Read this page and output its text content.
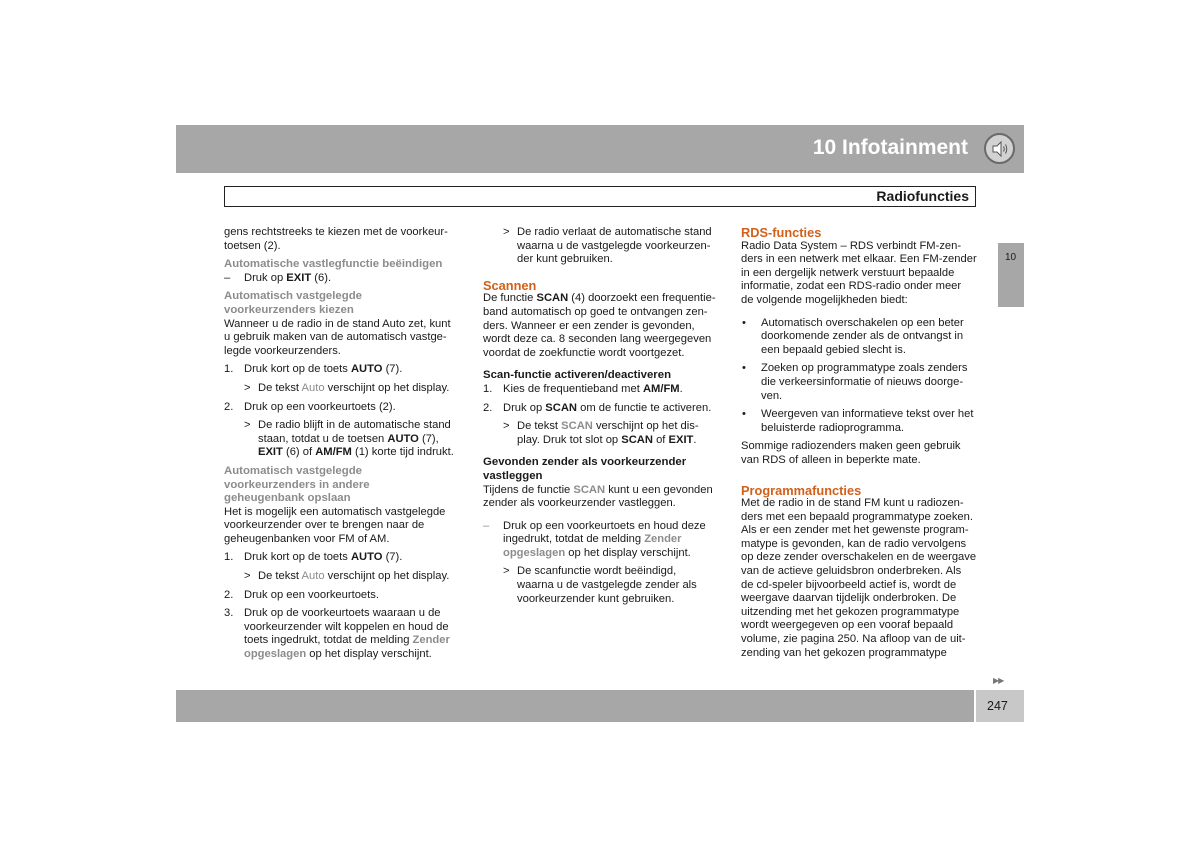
10 Infotainment
Radiofuncties
10

gens rechtstreeks te kiezen met de voorkeur-

toetsen (2).

Automatische vastlegfunctie beëindigen

– Druk op EXIT (6).

Automatisch vastgelegde

voorkeurzenders kiezen

Wanneer u de radio in de stand Auto zet, kunt

u gebruik maken van de automatisch vastge-

legde voorkeurzenders.

1. Druk kort op de toets AUTO (7).
> De tekst Auto verschijnt op het display.
2. Druk op een voorkeurtoets (2).
> De radio blijft in de automatische stand
staan, totdat u de toetsen AUTO (7),
EXIT (6) of AM/FM (1) korte tijd indrukt.

Automatisch vastgelegde

voorkeurzenders in andere

geheugenbank opslaan

Het is mogelijk een automatisch vastgelegde

voorkeurzender over te brengen naar de

geheugenbanken voor FM of AM.

1. Druk kort op de toets AUTO (7).
> De tekst Auto verschijnt op het display.
2. Druk op een voorkeurtoets.
3. Druk op de voorkeurtoets waaraan u de
voorkeurzender wilt koppelen en houd de
toets ingedrukt, totdat de melding Zender
opgeslagen op het display verschijnt.
> De radio verlaat de automatische stand
waarna u de vastgelegde voorkeurzen-
der kunt gebruiken.

Scannen

De functie SCAN (4) doorzoekt een frequentie-

band automatisch op goed te ontvangen zen-

ders. Wanneer er een zender is gevonden,

wordt deze ca. 8 seconden lang weergegeven

voordat de zoekfunctie wordt voortgezet.

Scan-functie activeren/deactiveren

1. Kies de frequentieband met AM/FM.
2. Druk op SCAN om de functie te activeren.
> De tekst SCAN verschijnt op het dis-
play. Druk tot slot op SCAN of EXIT.

Gevonden zender als voorkeurzender

vastleggen

Tijdens de functie SCAN kunt u een gevonden

zender als voorkeurzender vastleggen.

– Druk op een voorkeurtoets en houd deze
ingedrukt, totdat de melding Zender
opgeslagen op het display verschijnt.
> De scanfunctie wordt beëindigd,
waarna u de vastgelegde zender als
voorkeurzender kunt gebruiken.

RDS-functies

Radio Data System – RDS verbindt FM-zen-

ders in een netwerk met elkaar. Een FM-zender

in een dergelijk netwerk verstuurt bepaalde

informatie, zodat een RDS-radio onder meer

de volgende mogelijkheden biedt:

• Automatisch overschakelen op een beter
doorkomende zender als de ontvangst in
een bepaald gebied slecht is.
• Zoeken op programmatype zoals zenders
die verkeersinformatie of nieuws doorge-
ven.
• Weergeven van informatieve tekst over het
beluisterde radioprogramma.

Sommige radiozenders maken geen gebruik

van RDS of alleen in beperkte mate.

Programmafuncties

Met de radio in de stand FM kunt u radiozen-

ders met een bepaald programmatype zoeken.

Als er een zender met het gewenste program-

matype is gevonden, kan de radio vervolgens

op deze zender overschakelen en de weergave

van de actieve geluidsbron onderbreken. Als

de cd-speler bijvoorbeeld actief is, wordt de

weergave daarvan tijdelijk onderbroken. De

uitzending met het gekozen programmatype

wordt weergegeven op een vooraf bepaald

volume, zie pagina 250. Na afloop van de uit-

zending van het gekozen programmatype

▶▶
247
